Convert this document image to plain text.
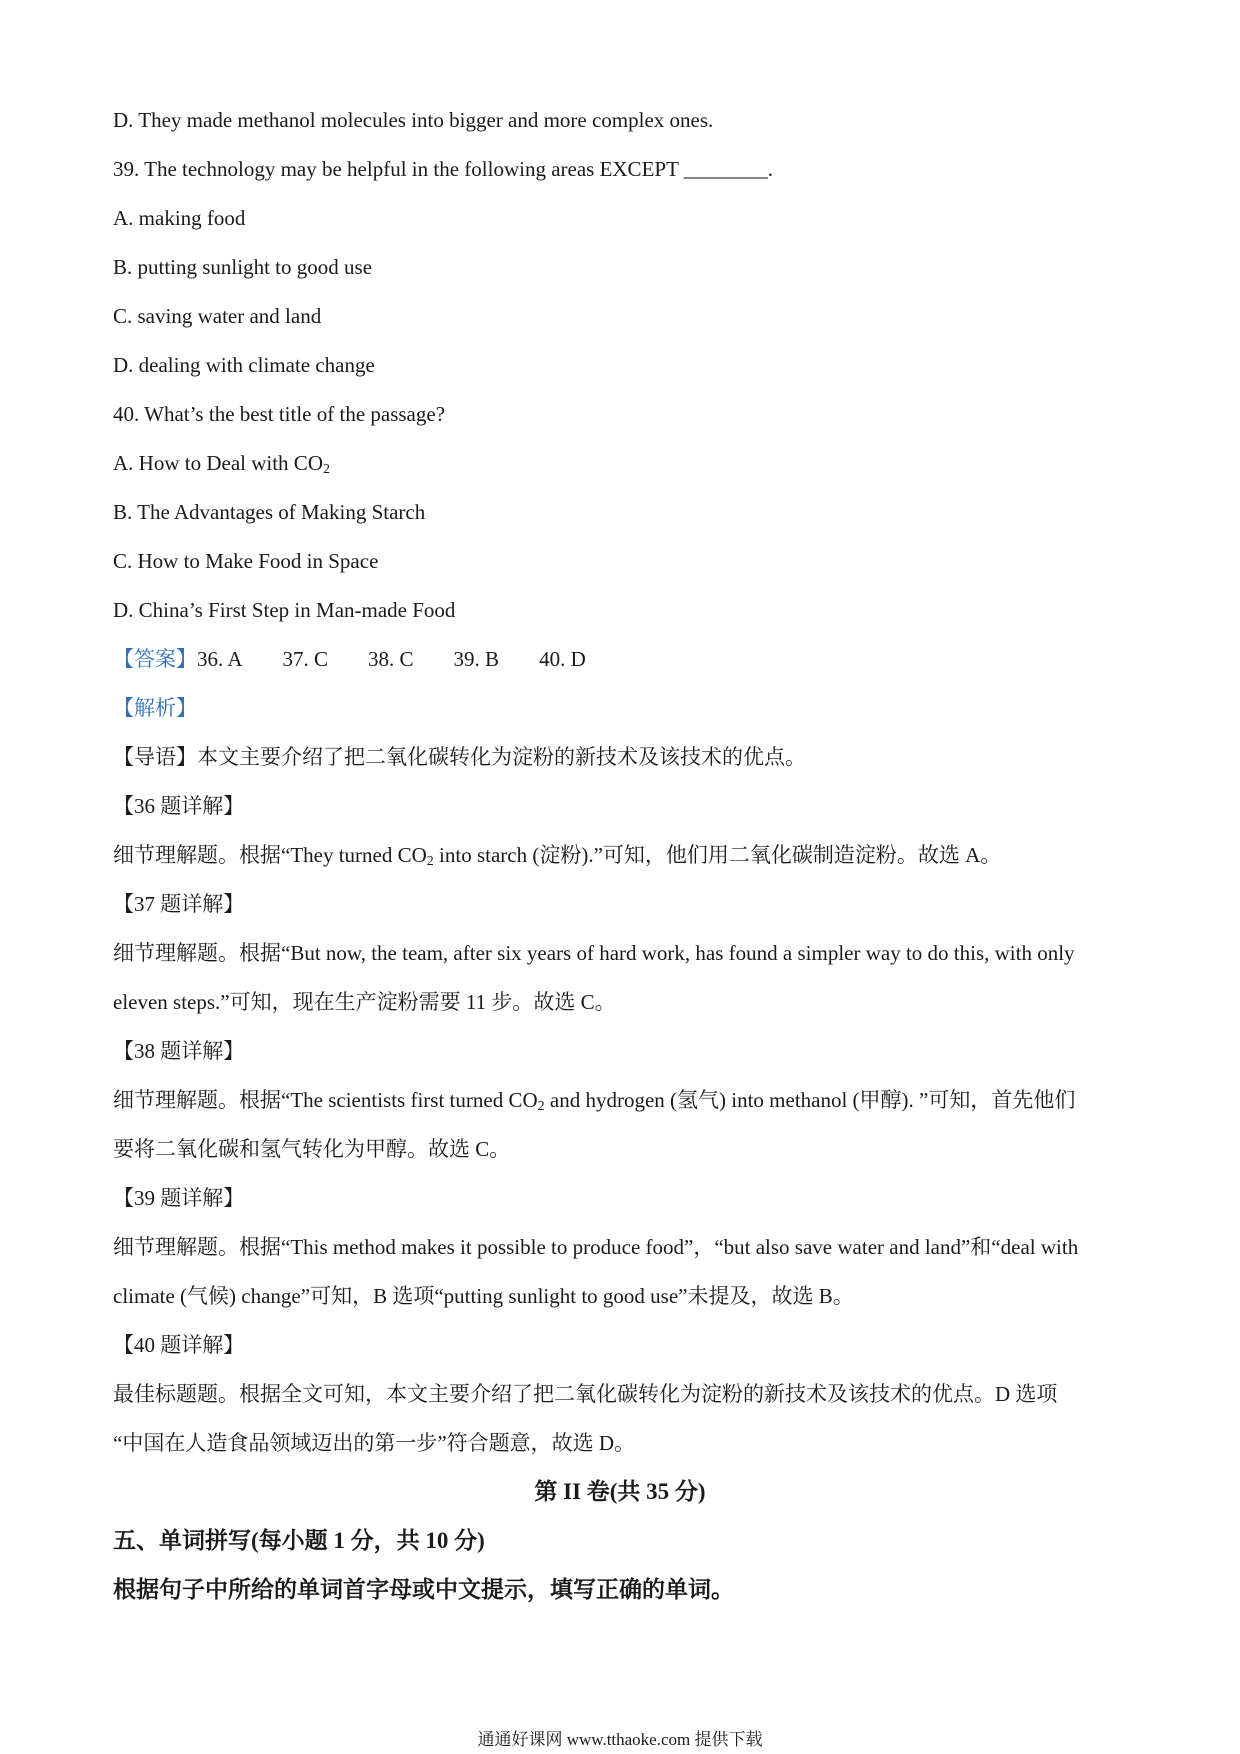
D. They made methanol molecules into bigger and more complex ones.
39. The technology may be helpful in the following areas EXCEPT ________.
A. making food
B. putting sunlight to good use
C. saving water and land
D. dealing with climate change
40. What’s the best title of the passage?
A. How to Deal with $CO_2$
B. The Advantages of Making Starch
C. How to Make Food in Space
D. China’s First Step in Man-made Food
【答案】36. A 37. C 38. C 39. B 40. D
【解析】
【导语】本文主要介绍了把二氧化碳转化为淀粉的新技术及该技术的优点。
【36 题详解】
细节理解题。根据“They turned $CO_2$ into starch (淀粉).”可知，他们用二氧化碳制造淀粉。故选 A。
【37 题详解】
细节理解题。根据“But now, the team, after six years of hard work, has found a simpler way to do this, with only
eleven steps.”可知，现在生产淀粉需要 11 步。故选 C。
【38 题详解】
细节理解题。根据“The scientists first turned $CO_2$ and hydrogen (氢气) into methanol (甲醇). ”可知，首先他们
要将二氧化碳和氢气转化为甲醇。故选 C。
【39 题详解】
细节理解题。根据“This method makes it possible to produce food”，“but also save water and land”和“deal with
climate (气候) change”可知，B 选项“putting sunlight to good use”未提及，故选 B。
【40 题详解】
最佳标题题。根据全文可知，本文主要介绍了把二氧化碳转化为淀粉的新技术及该技术的优点。D 选项
“中国在人造食品领域迈出的第一步”符合题意，故选 D。
第 II 卷(共 35 分)
五、单词拼写(每小题 1 分，共 10 分)
根据句子中所给的单词首字母或中文提示，填写正确的单词。
通通好课网 www.tthaoke.com 提供下载
